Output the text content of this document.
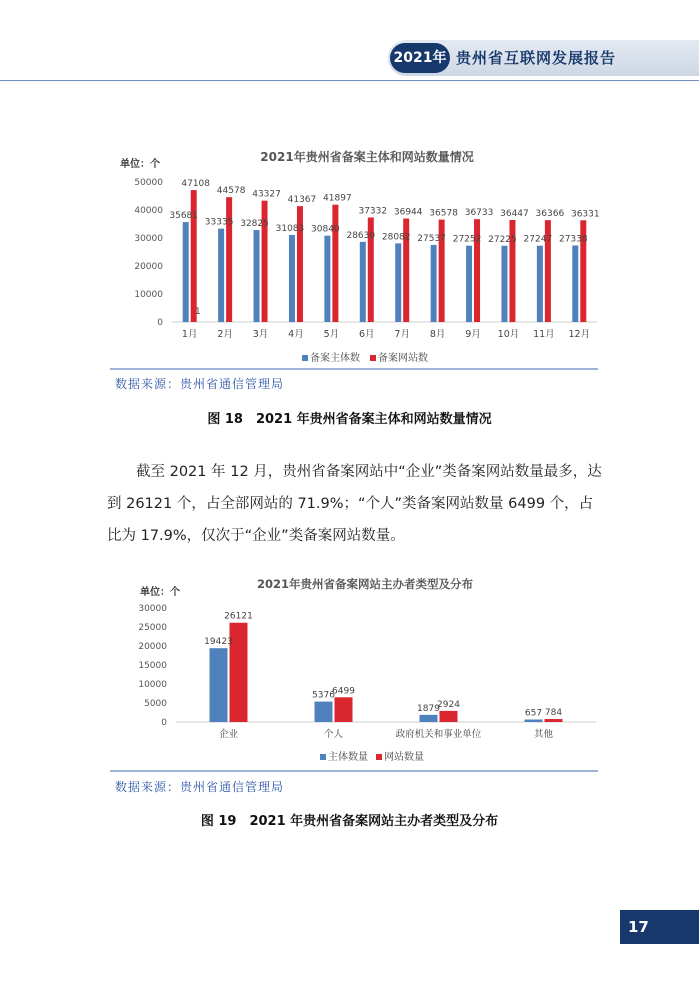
2021年 贵州省互联网发展报告
2021年贵州省备案主体和网站数量情况
单位：个
0
10000
20000
30000
40000
50000
35681
47108
33335
44578
32825
43327
31083
41367
30840
41897
28630
37332
28082
36944
27537
36578
27252
36733
27225
36447
27247
36366
27338
36331
1月 2月 3月 4月 5月 6月 7月 8月 9月 10月 11月 12月
1
备案主体数 备案网站数
数据来源：贵州省通信管理局
图 18　2021 年贵州省备案主体和网站数量情况

截至 2021 年 12 月，贵州省备案网站中“企业”类备案网站数量最多，达到 26121 个，占全部网站的 71.9%；“个人”类备案网站数量 6499 个，占比为 17.9%，仅次于“企业”类备案网站数量。

2021年贵州省备案网站主办者类型及分布
单位：个
0
5000
10000
15000
20000
25000
30000
19423
26121
5376
6499
1879
2924
657 784
企业	个人	政府机关和事业单位	其他
主体数量 网站数量
数据来源：贵州省通信管理局
图 19　2021 年贵州省备案网站主办者类型及分布
17
